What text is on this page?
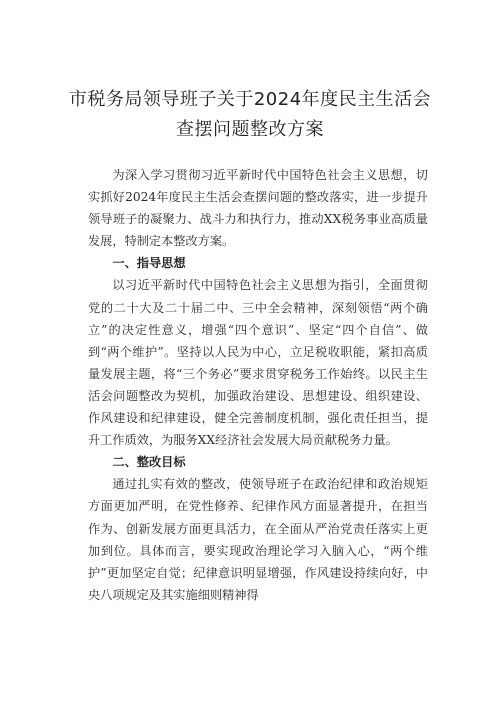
市税务局领导班子关于2024年度民主生活会
查摆问题整改方案

为深入学习贯彻习近平新时代中国特色社会主义思想，切实抓好2024年度民主生活会查摆问题的整改落实，进一步提升领导班子的凝聚力、战斗力和执行力，推动XX税务事业高质量发展，特制定本整改方案。

一、指导思想

以习近平新时代中国特色社会主义思想为指引，全面贯彻党的二十大及二十届二中、三中全会精神，深刻领悟“两个确立”的决定性意义，增强“四个意识”、坚定“四个自信”、做到“两个维护”。坚持以人民为中心，立足税收职能，紧扣高质量发展主题，将“三个务必”要求贯穿税务工作始终。以民主生活会问题整改为契机，加强政治建设、思想建设、组织建设、作风建设和纪律建设，健全完善制度机制，强化责任担当，提升工作质效，为服务XX经济社会发展大局贡献税务力量。

二、整改目标

通过扎实有效的整改，使领导班子在政治纪律和政治规矩方面更加严明，在党性修养、纪律作风方面显著提升，在担当作为、创新发展方面更具活力，在全面从严治党责任落实上更加到位。具体而言，要实现政治理论学习入脑入心，“两个维护”更加坚定自觉；纪律意识明显增强，作风建设持续向好，中央八项规定及其实施细则精神得
